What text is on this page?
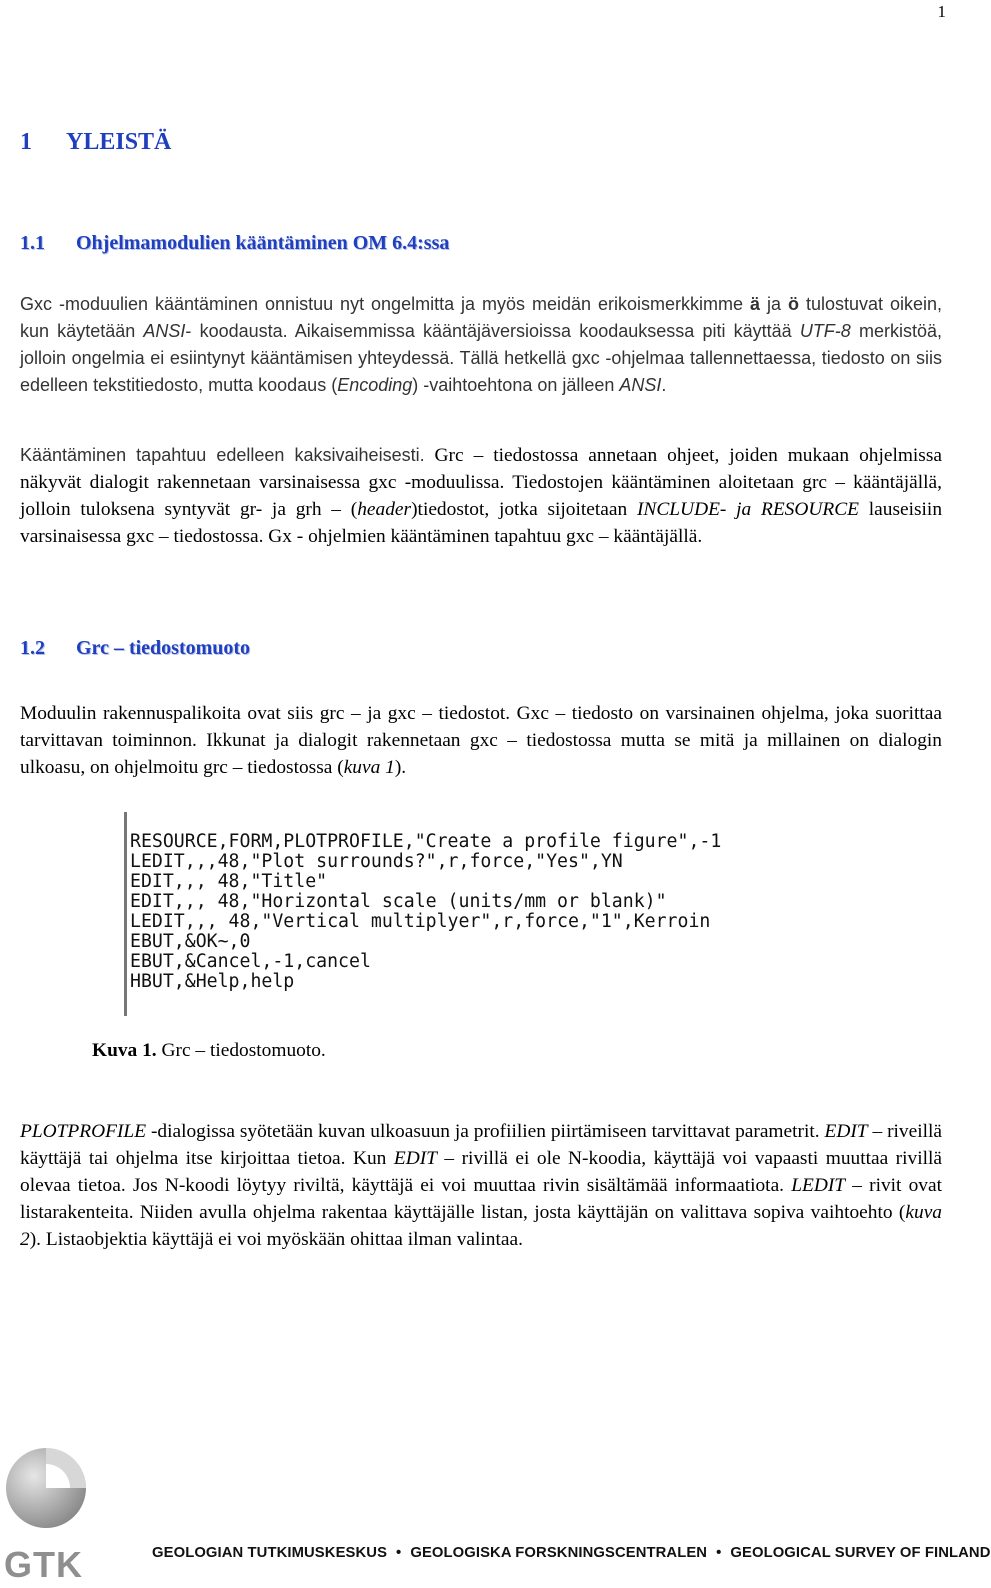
1
1 YLEISTÄ
1.1 Ohjelmamodulien kääntäminen OM 6.4:ssa
Gxc -moduulien kääntäminen onnistuu nyt ongelmitta ja myös meidän erikoismerkkimme ä ja ö tulostuvat oikein, kun käytetään ANSI- koodausta. Aikaisemmissa kääntäjäversioissa koodauksessa piti käyttää UTF-8 merkistöä, jolloin ongelmia ei esiintynyt kääntämisen yhteydessä. Tällä hetkellä gxc -ohjelmaa tallennettaessa, tiedosto on siis edelleen tekstitiedosto, mutta koodaus (Encoding) -vaihtoehtona on jälleen ANSI.
Kääntäminen tapahtuu edelleen kaksivaiheisesti. Grc – tiedostossa annetaan ohjeet, joiden mukaan ohjelmissa näkyvät dialogit rakennetaan varsinaisessa gxc -moduulissa. Tiedostojen kääntäminen aloitetaan grc – kääntäjällä, jolloin tuloksena syntyvät gr- ja grh – (header)tiedostot, jotka sijoitetaan INCLUDE- ja RESOURCE lauseisiin varsinaisessa gxc – tiedostossa. Gx - ohjelmien kääntäminen tapahtuu gxc – kääntäjällä.
1.2 Grc – tiedostomuoto
Moduulin rakennuspalikoita ovat siis grc – ja gxc – tiedostot. Gxc – tiedosto on varsinainen ohjelma, joka suorittaa tarvittavan toiminnon. Ikkunat ja dialogit rakennetaan gxc – tiedostossa mutta se mitä ja millainen on dialogin ulkoasu, on ohjelmoitu grc – tiedostossa (kuva 1).
RESOURCE,FORM,PLOTPROFILE,"Create a profile figure",-1
LEDIT,,,48,"Plot surrounds?",r,force,"Yes",YN
EDIT,,, 48,"Title"
EDIT,,, 48,"Horizontal scale (units/mm or blank)"
LEDIT,,, 48,"Vertical multiplyer",r,force,"1",Kerroin
EBUT,&OK~,0
EBUT,&Cancel,-1,cancel
HBUT,&Help,help
Kuva 1. Grc – tiedostomuoto.
PLOTPROFILE -dialogissa syötetään kuvan ulkoasuun ja profiilien piirtämiseen tarvittavat parametrit. EDIT – riveillä käyttäjä tai ohjelma itse kirjoittaa tietoa. Kun EDIT – rivillä ei ole N-koodia, käyttäjä voi vapaasti muuttaa rivillä olevaa tietoa. Jos N-koodi löytyy riviltä, käyttäjä ei voi muuttaa rivin sisältämää informaatiota. LEDIT – rivit ovat listarakenteita. Niiden avulla ohjelma rakentaa käyttäjälle listan, josta käyttäjän on valittava sopiva vaihtoehto (kuva 2). Listaobjektia käyttäjä ei voi myöskään ohittaa ilman valintaa.
GTK	GEOLOGIAN TUTKIMUSKESKUS • GEOLOGISKA FORSKNINGSCENTRALEN • GEOLOGICAL SURVEY OF FINLAND
